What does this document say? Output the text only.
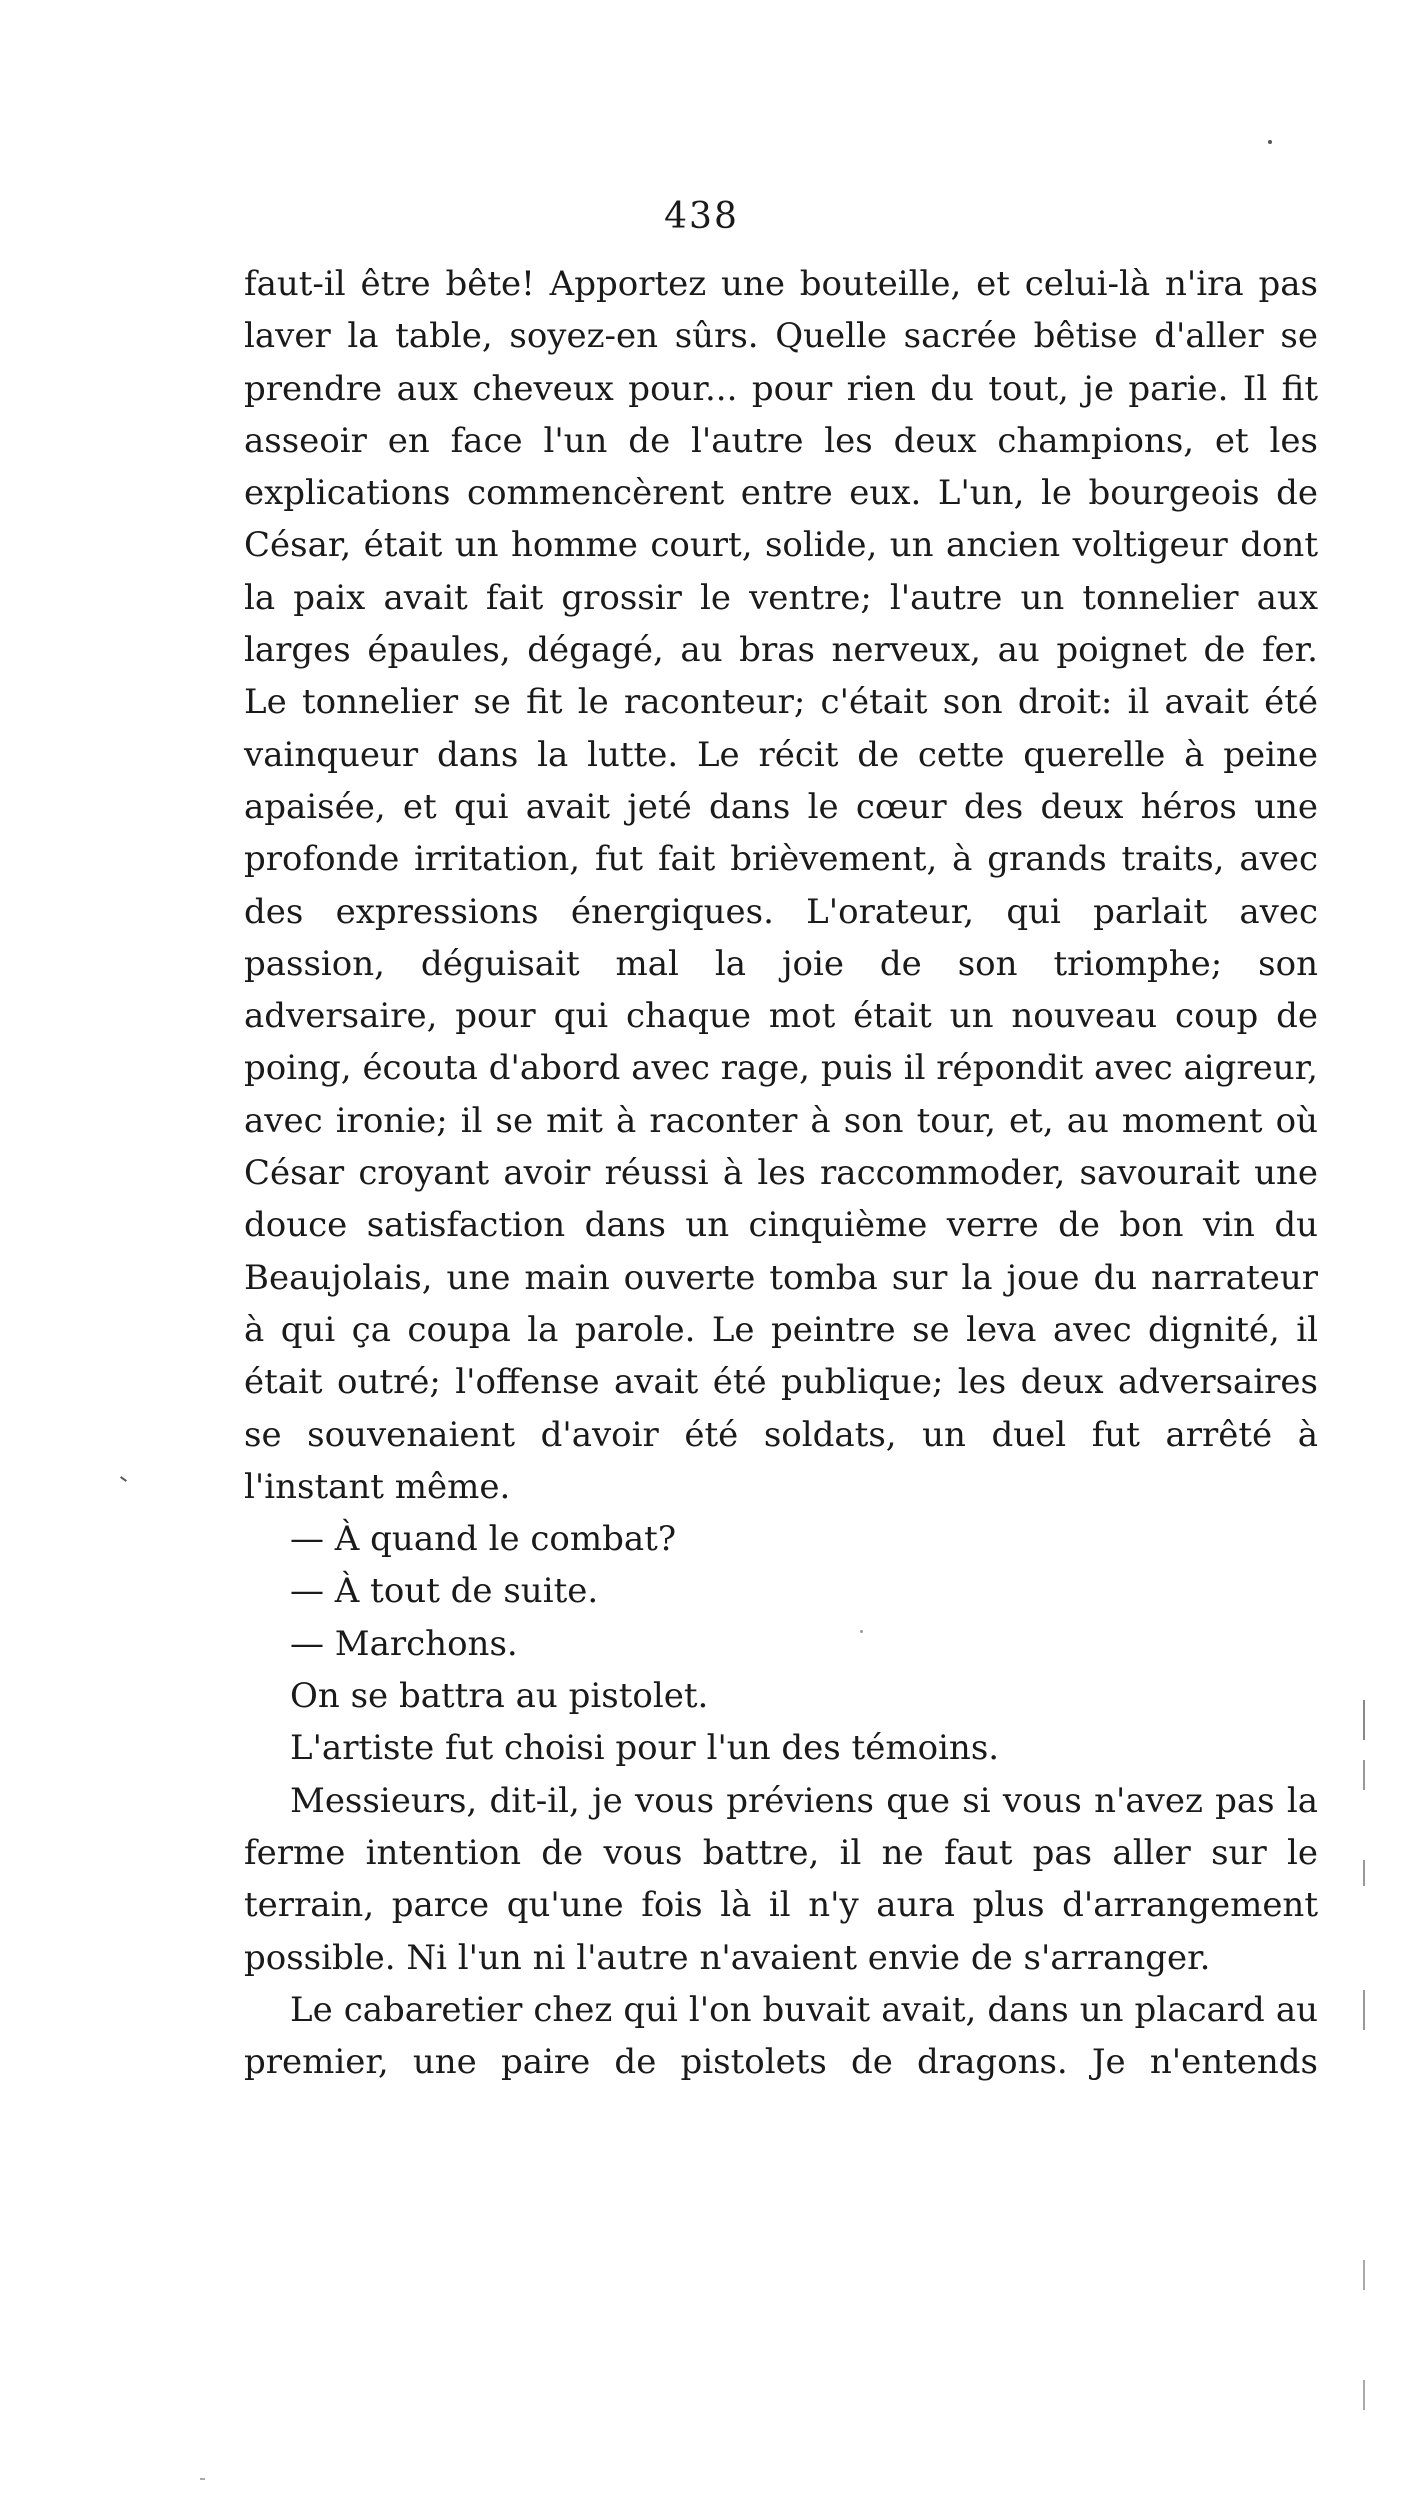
438

faut-il être bête! Apportez une bouteille, et celui-là n'ira pas laver la table, soyez-en sûrs. Quelle sacrée bêtise d'aller se prendre aux cheveux pour... pour rien du tout, je parie. Il fit asseoir en face l'un de l'autre les deux champions, et les explications commencèrent entre eux. L'un, le bourgeois de César, était un homme court, solide, un ancien voltigeur dont la paix avait fait grossir le ventre; l'autre un tonnelier aux larges épaules, dégagé, au bras nerveux, au poignet de fer. Le tonnelier se fit le raconteur; c'était son droit: il avait été vainqueur dans la lutte. Le récit de cette querelle à peine apaisée, et qui avait jeté dans le cœur des deux héros une profonde irritation, fut fait brièvement, à grands traits, avec des expressions énergiques. L'orateur, qui parlait avec passion, déguisait mal la joie de son triomphe; son adversaire, pour qui chaque mot était un nouveau coup de poing, écouta d'abord avec rage, puis il répondit avec aigreur, avec ironie; il se mit à raconter à son tour, et, au moment où César croyant avoir réussi à les raccommoder, savourait une douce satisfaction dans un cinquième verre de bon vin du Beaujolais, une main ouverte tomba sur la joue du narrateur à qui ça coupa la parole. Le peintre se leva avec dignité, il était outré; l'offense avait été publique; les deux adversaires se souvenaient d'avoir été soldats, un duel fut arrêté à l'instant même.

— À quand le combat?

— À tout de suite.

— Marchons.

On se battra au pistolet.

L'artiste fut choisi pour l'un des témoins.

Messieurs, dit-il, je vous préviens que si vous n'avez pas la ferme intention de vous battre, il ne faut pas aller sur le terrain, parce qu'une fois là il n'y aura plus d'arrangement possible. Ni l'un ni l'autre n'avaient envie de s'arranger.

Le cabaretier chez qui l'on buvait avait, dans un placard au premier, une paire de pistolets de dragons. Je n'entends
